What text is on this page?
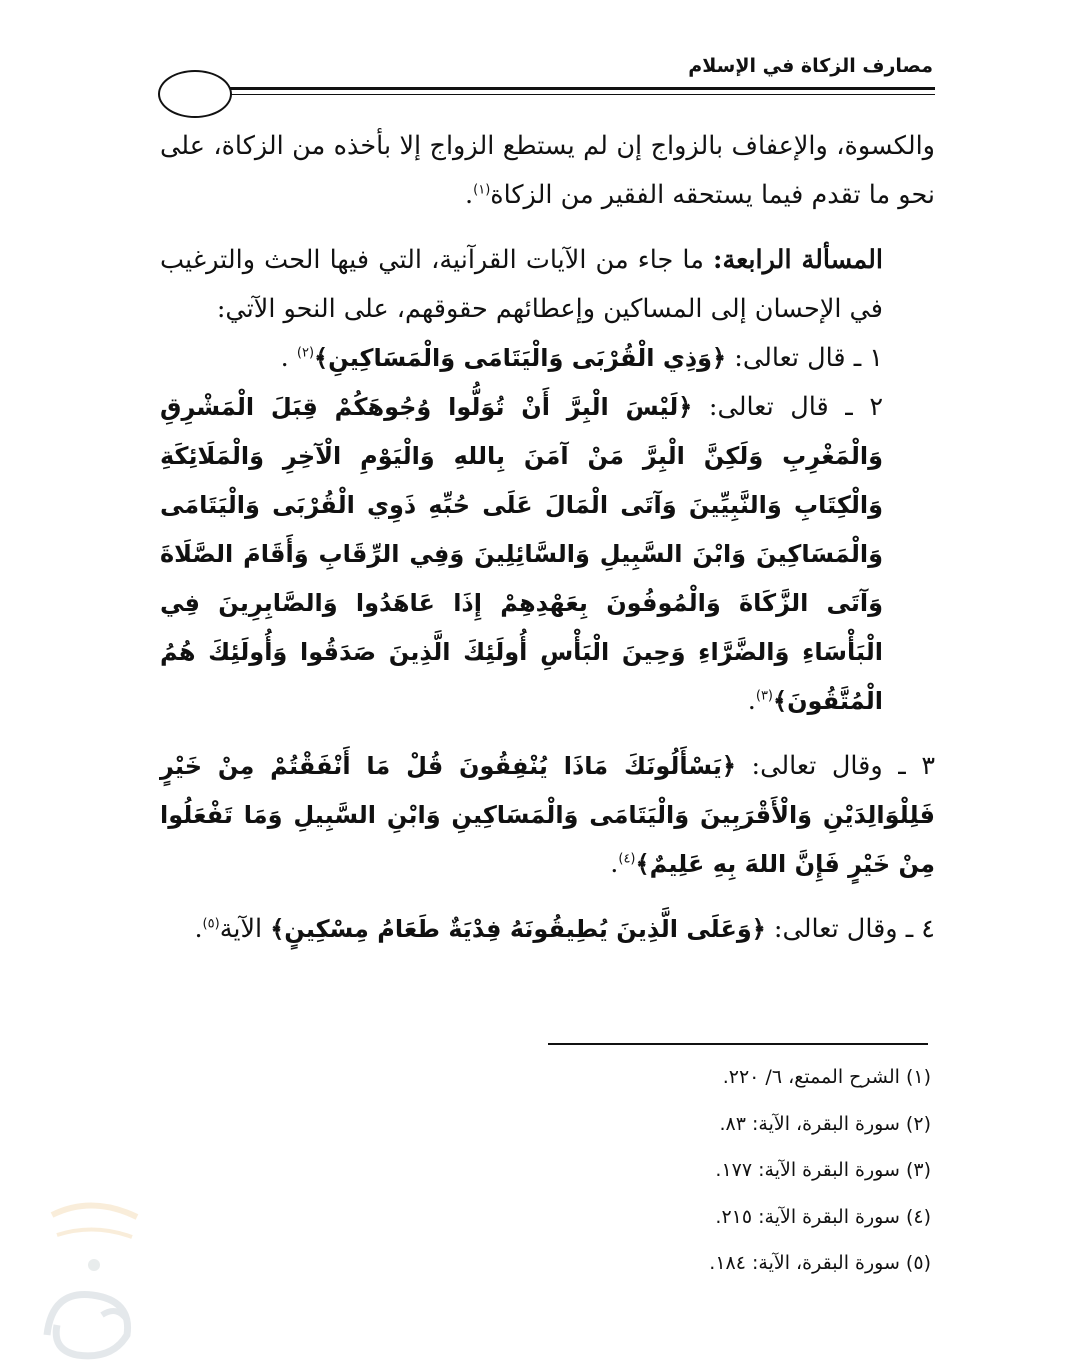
مصارف الزكاة في الإسلام

والكسوة، والإعفاف بالزواج إن لم يستطع الزواج إلا بأخذه من الزكاة، على نحو ما تقدم فيما يستحقه الفقير من الزكاة$^{(١)}$.

المسألة الرابعة: ما جاء من الآيات القرآنية، التي فيها الحث والترغيب في الإحسان إلى المساكين وإعطائهم حقوقهم، على النحو الآتي:

١ ـ قال تعالى: ﴿وَذِي الْقُرْبَى وَالْيَتَامَى وَالْمَسَاكِينِ﴾$^{(٢)}$ .

٢ ـ قال تعالى: ﴿لَيْسَ الْبِرَّ أَنْ تُوَلُّوا وُجُوهَكُمْ قِبَلَ الْمَشْرِقِ وَالْمَغْرِبِ وَلَكِنَّ الْبِرَّ مَنْ آمَنَ بِاللهِ وَالْيَوْمِ الْآخِرِ وَالْمَلَائِكَةِ وَالْكِتَابِ وَالنَّبِيِّينَ وَآتَى الْمَالَ عَلَى حُبِّهِ ذَوِي الْقُرْبَى وَالْيَتَامَى وَالْمَسَاكِينَ وَابْنَ السَّبِيلِ وَالسَّائِلِينَ وَفِي الرِّقَابِ وَأَقَامَ الصَّلَاةَ وَآتَى الزَّكَاةَ وَالْمُوفُونَ بِعَهْدِهِمْ إِذَا عَاهَدُوا وَالصَّابِرِينَ فِي الْبَأْسَاءِ وَالضَّرَّاءِ وَحِينَ الْبَأْسِ أُولَئِكَ الَّذِينَ صَدَقُوا وَأُولَئِكَ هُمُ الْمُتَّقُونَ﴾$^{(٣)}$.

٣ ـ وقال تعالى: ﴿يَسْأَلُونَكَ مَاذَا يُنْفِقُونَ قُلْ مَا أَنْفَقْتُمْ مِنْ خَيْرٍ فَلِلْوَالِدَيْنِ وَالْأَقْرَبِينَ وَالْيَتَامَى وَالْمَسَاكِينِ وَابْنِ السَّبِيلِ وَمَا تَفْعَلُوا مِنْ خَيْرٍ فَإِنَّ اللهَ بِهِ عَلِيمٌ﴾$^{(٤)}$.

٤ ـ وقال تعالى: ﴿وَعَلَى الَّذِينَ يُطِيقُونَهُ فِدْيَةٌ طَعَامُ مِسْكِينٍ﴾ الآية$^{(٥)}$.

(١) الشرح الممتع، ٦/ ٢٢٠.
(٢) سورة البقرة، الآية: ٨٣.
(٣) سورة البقرة الآية: ١٧٧.
(٤) سورة البقرة الآية: ٢١٥.
(٥) سورة البقرة، الآية: ١٨٤.
